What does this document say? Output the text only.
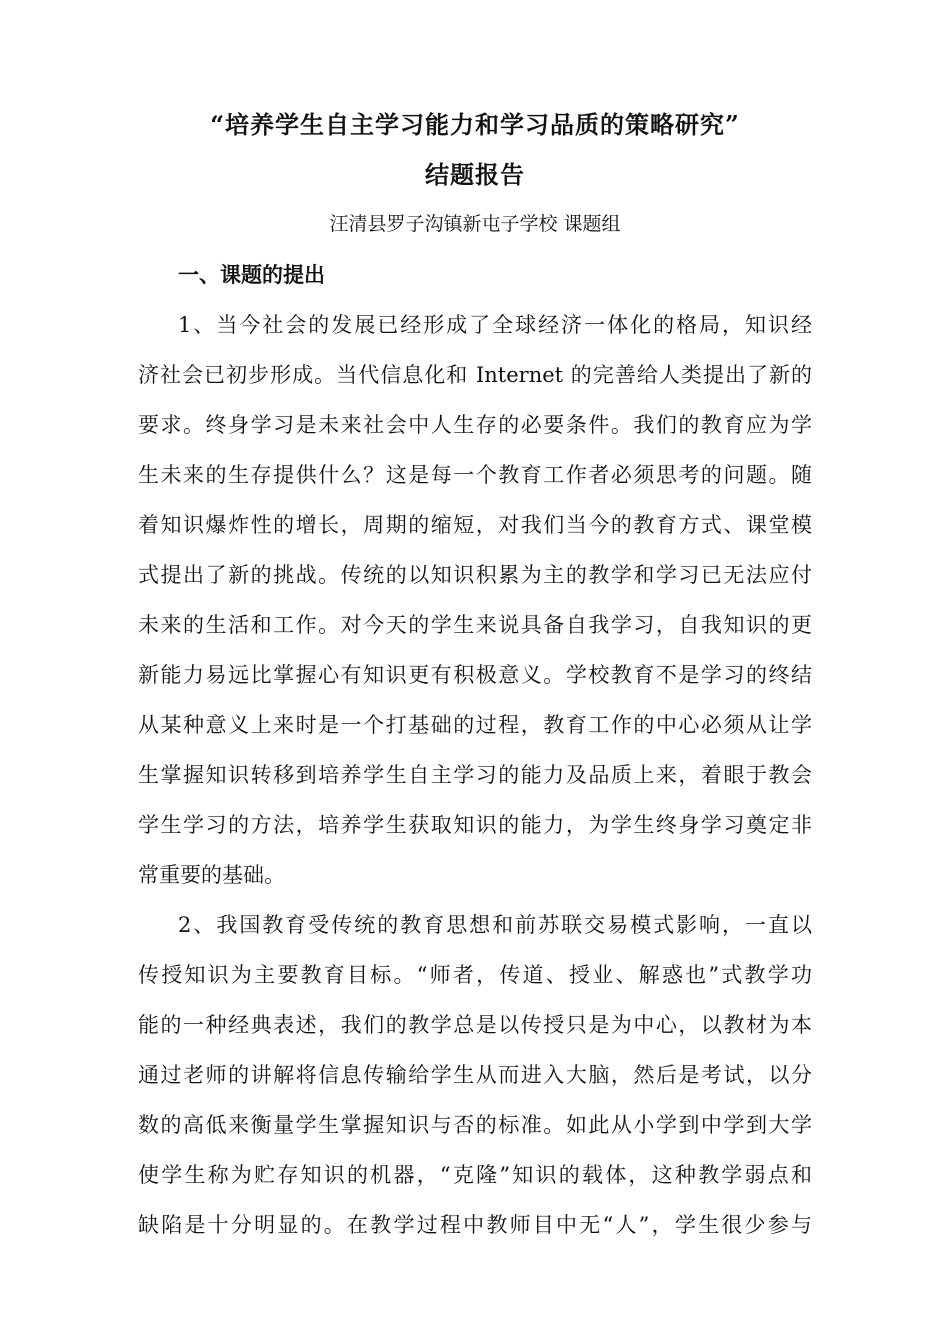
“培养学生自主学习能力和学习品质的策略研究”
结题报告
汪清县罗子沟镇新屯子学校 课题组
一、课题的提出
1、当今社会的发展已经形成了全球经济一体化的格局，知识经
济社会已初步形成。当代信息化和 Internet 的完善给人类提出了新的
要求。终身学习是未来社会中人生存的必要条件。我们的教育应为学
生未来的生存提供什么？这是每一个教育工作者必须思考的问题。随
着知识爆炸性的增长，周期的缩短，对我们当今的教育方式、课堂模
式提出了新的挑战。传统的以知识积累为主的教学和学习已无法应付
未来的生活和工作。对今天的学生来说具备自我学习，自我知识的更
新能力易远比掌握心有知识更有积极意义。学校教育不是学习的终结
从某种意义上来时是一个打基础的过程，教育工作的中心必须从让学
生掌握知识转移到培养学生自主学习的能力及品质上来，着眼于教会
学生学习的方法，培养学生获取知识的能力，为学生终身学习奠定非
常重要的基础。
2、我国教育受传统的教育思想和前苏联交易模式影响，一直以
传授知识为主要教育目标。“师者，传道、授业、解惑也”式教学功
能的一种经典表述，我们的教学总是以传授只是为中心，以教材为本
通过老师的讲解将信息传输给学生从而进入大脑，然后是考试，以分
数的高低来衡量学生掌握知识与否的标准。如此从小学到中学到大学
使学生称为贮存知识的机器，“克隆”知识的载体，这种教学弱点和
缺陷是十分明显的。在教学过程中教师目中无“人”，学生很少参与
